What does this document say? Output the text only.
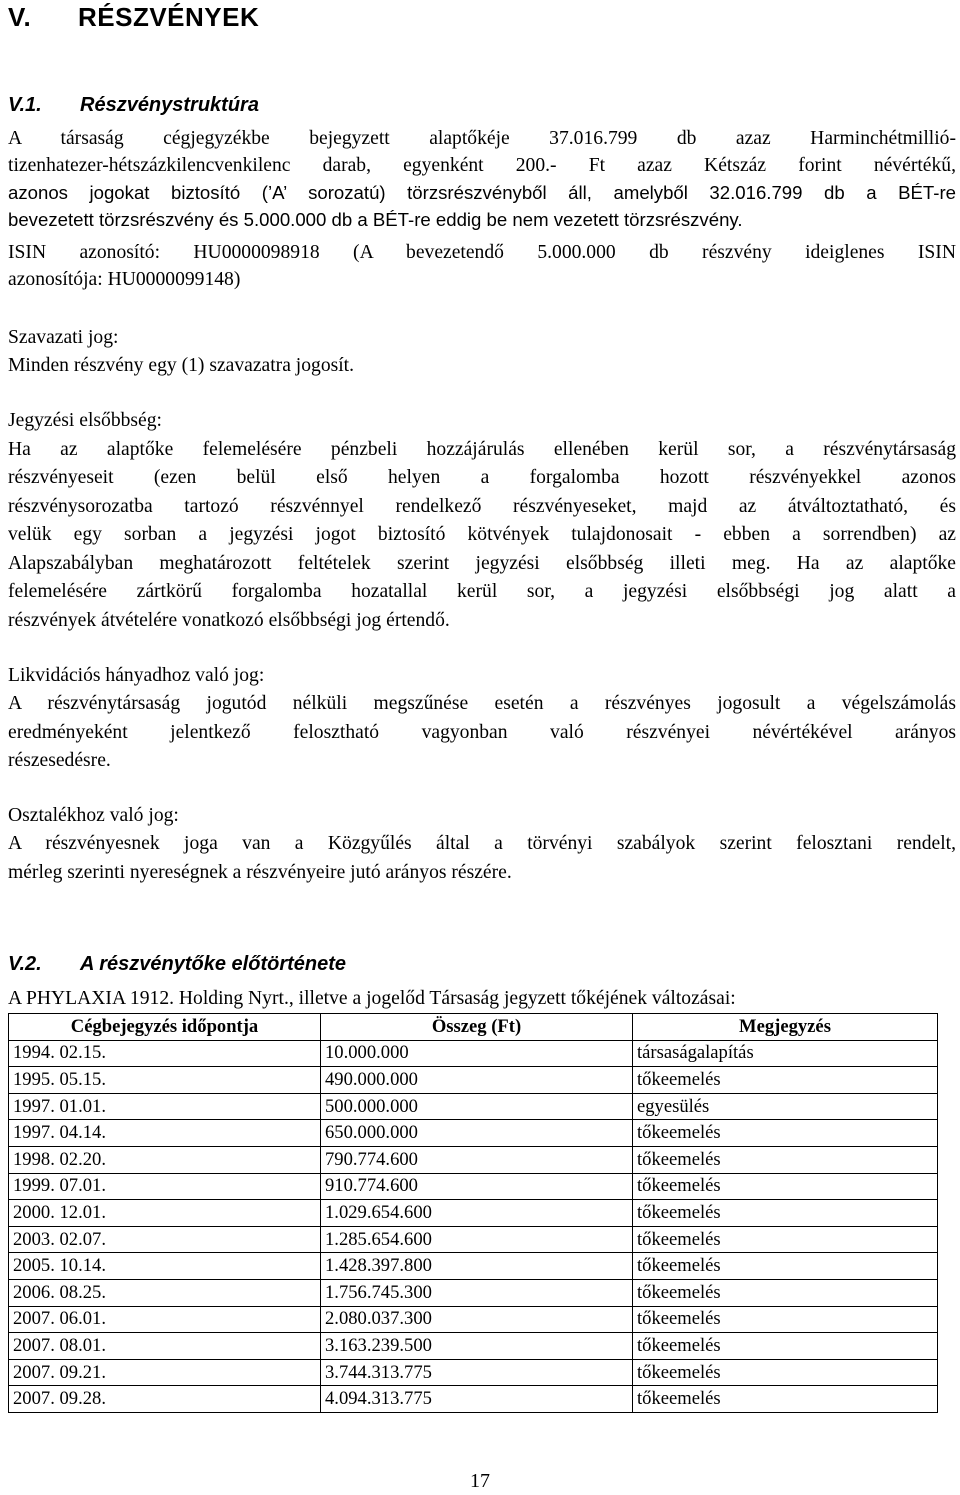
V. RÉSZVÉNYEK
V.1. Részvénystruktúra
A társaság cégjegyzékbe bejegyzett alaptőkéje 37.016.799 db azaz Harminchétmillió-
tizenhatezer-hétszázkilencvenkilenc darab, egyenként 200.- Ft azaz Kétszáz forint névértékű,
azonos jogokat biztosító (’A’ sorozatú) törzsrészvényből áll, amelyből 32.016.799 db a BÉT-re
bevezetett törzsrészvény és 5.000.000 db a BÉT-re eddig be nem vezetett törzsrészvény.
ISIN azonosító: HU0000098918 (A bevezetendő 5.000.000 db részvény ideiglenes ISIN
azonosítója: HU0000099148)
Szavazati jog:
Minden részvény egy (1) szavazatra jogosít.
Jegyzési elsőbbség:
Ha az alaptőke felemelésére pénzbeli hozzájárulás ellenében kerül sor, a részvénytársaság
részvényeseit (ezen belül első helyen a forgalomba hozott részvényekkel azonos
részvénysorozatba tartozó részvénnyel rendelkező részvényeseket, majd az átváltoztatható, és
velük egy sorban a jegyzési jogot biztosító kötvények tulajdonosait - ebben a sorrendben) az
Alapszabályban meghatározott feltételek szerint jegyzési elsőbbség illeti meg. Ha az alaptőke
felemelésére zártkörű forgalomba hozatallal kerül sor, a jegyzési elsőbbségi jog alatt a
részvények átvételére vonatkozó elsőbbségi jog értendő.
Likvidációs hányadhoz való jog:
A részvénytársaság jogutód nélküli megszűnése esetén a részvényes jogosult a végelszámolás
eredményeként jelentkező felosztható vagyonban való részvényei névértékével arányos
részesedésre.
Osztalékhoz való jog:
A részvényesnek joga van a Közgyűlés által a törvényi szabályok szerint felosztani rendelt,
mérleg szerinti nyereségnek a részvényeire jutó arányos részére.
V.2. A részvénytőke előtörténete
A PHYLAXIA 1912. Holding Nyrt., illetve a jogelőd Társaság jegyzett tőkéjének változásai:
Cégbejegyzés időpontja	Összeg (Ft)	Megjegyzés
1994. 02.15.	10.000.000	társaságalapítás
1995. 05.15.	490.000.000	tőkeemelés
1997. 01.01.	500.000.000	egyesülés
1997. 04.14.	650.000.000	tőkeemelés
1998. 02.20.	790.774.600	tőkeemelés
1999. 07.01.	910.774.600	tőkeemelés
2000. 12.01.	1.029.654.600	tőkeemelés
2003. 02.07.	1.285.654.600	tőkeemelés
2005. 10.14.	1.428.397.800	tőkeemelés
2006. 08.25.	1.756.745.300	tőkeemelés
2007. 06.01.	2.080.037.300	tőkeemelés
2007. 08.01.	3.163.239.500	tőkeemelés
2007. 09.21.	3.744.313.775	tőkeemelés
2007. 09.28.	4.094.313.775	tőkeemelés
17
